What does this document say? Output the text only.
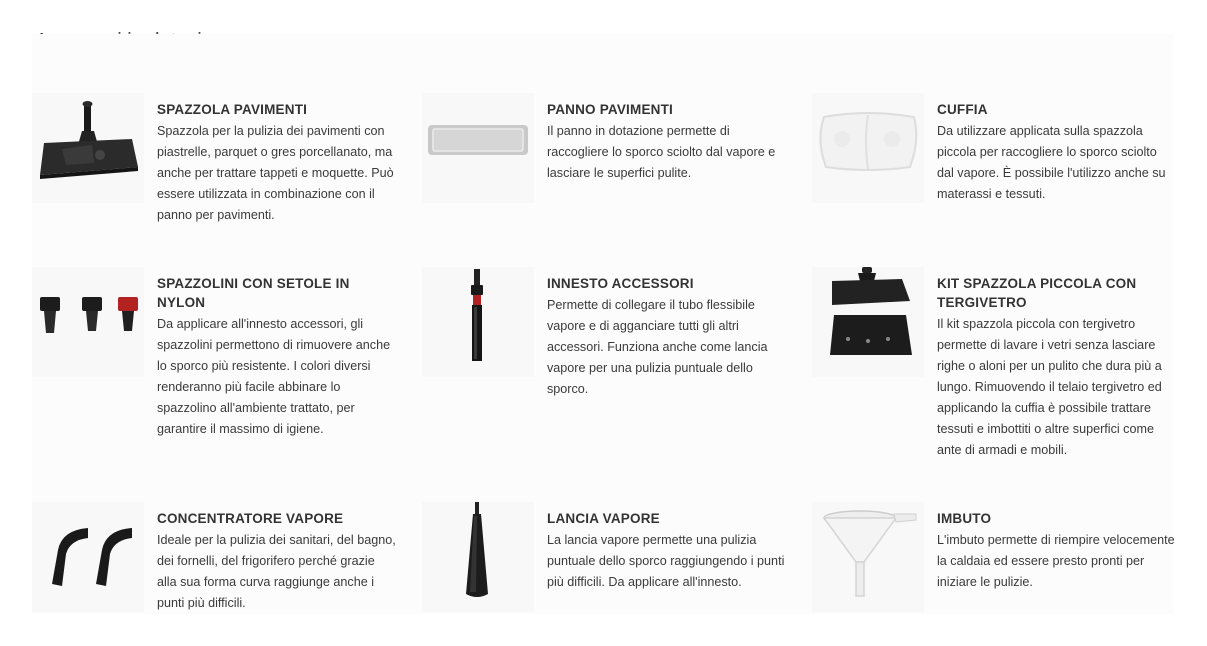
SPAZZOLA PAVIMENTI

Spazzola per la pulizia dei pavimenti con piastrelle, parquet o gres porcellanato, ma anche per trattare tappeti e moquette. Può essere utilizzata in combinazione con il panno per pavimenti.

PANNO PAVIMENTI

Il panno in dotazione permette di raccogliere lo sporco sciolto dal vapore e lasciare le superfici pulite.

CUFFIA

Da utilizzare applicata sulla spazzola piccola per raccogliere lo sporco sciolto dal vapore. È possibile l'utilizzo anche su materassi e tessuti.

SPAZZOLINI CON SETOLE IN NYLON

Da applicare all'innesto accessori, gli spazzolini permettono di rimuovere anche lo sporco più resistente. I colori diversi renderanno più facile abbinare lo spazzolino all'ambiente trattato, per garantire il massimo di igiene.

INNESTO ACCESSORI

Permette di collegare il tubo flessibile vapore e di agganciare tutti gli altri accessori. Funziona anche come lancia vapore per una pulizia puntuale dello sporco.

KIT SPAZZOLA PICCOLA CON TERGIVETRO

Il kit spazzola piccola con tergivetro permette di lavare i vetri senza lasciare righe o aloni per un pulito che dura più a lungo. Rimuovendo il telaio tergivetro ed applicando la cuffia è possibile trattare tessuti e imbottiti o altre superfici come ante di armadi e mobili.

CONCENTRATORE VAPORE

Ideale per la pulizia dei sanitari, del bagno, dei fornelli, del frigorifero perché grazie alla sua forma curva raggiunge anche i punti più difficili.

LANCIA VAPORE

La lancia vapore permette una pulizia puntuale dello sporco raggiungendo i punti più difficili. Da applicare all'innesto.

IMBUTO

L'imbuto permette di riempire velocemente la caldaia ed essere presto pronti per iniziare le pulizie.
